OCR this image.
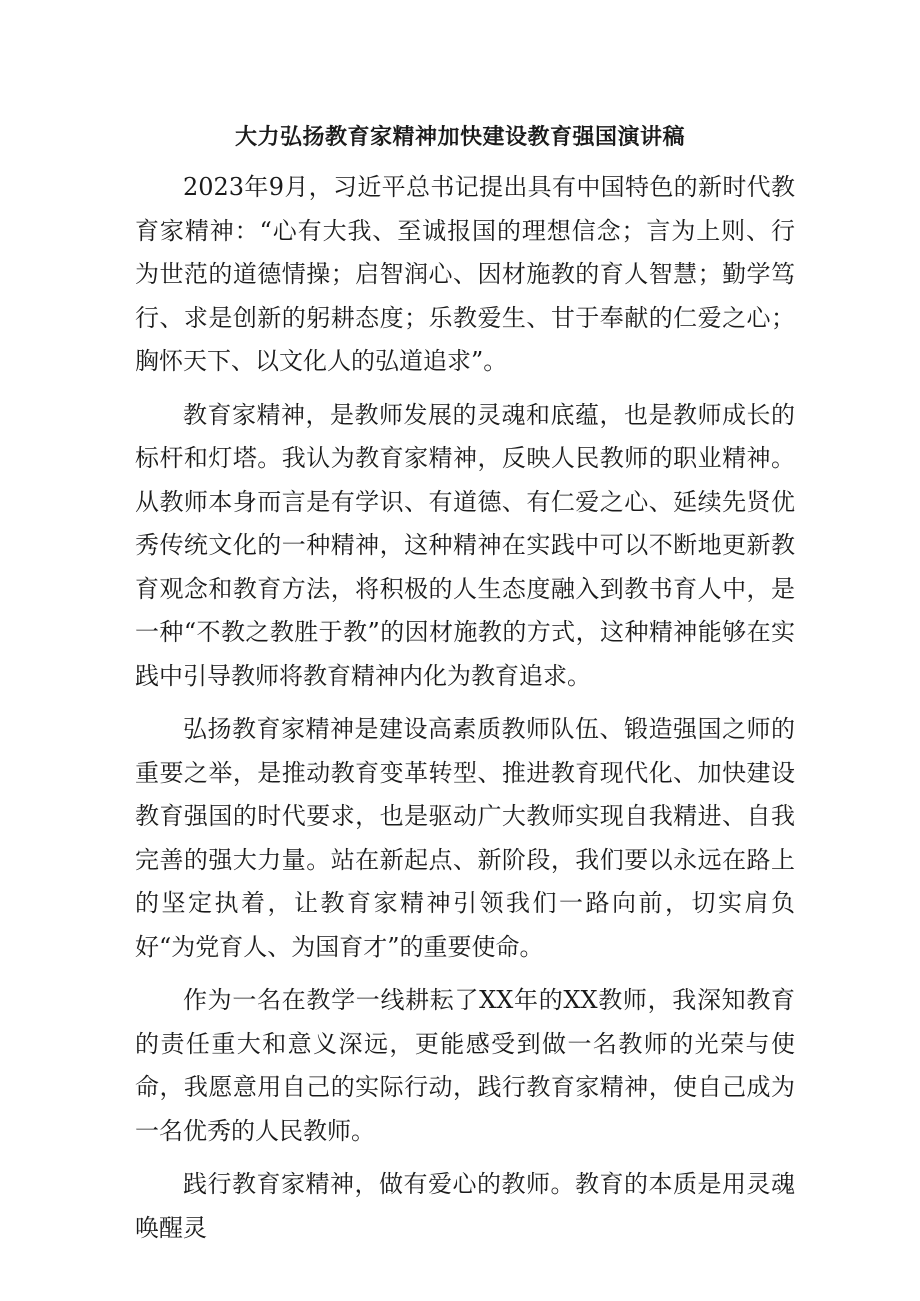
大力弘扬教育家精神加快建设教育强国演讲稿

2023年9月，习近平总书记提出具有中国特色的新时代教育家精神：“心有大我、至诚报国的理想信念；言为上则、行为世范的道德情操；启智润心、因材施教的育人智慧；勤学笃行、求是创新的躬耕态度；乐教爱生、甘于奉献的仁爱之心；胸怀天下、以文化人的弘道追求”。

教育家精神，是教师发展的灵魂和底蕴，也是教师成长的标杆和灯塔。我认为教育家精神，反映人民教师的职业精神。从教师本身而言是有学识、有道德、有仁爱之心、延续先贤优秀传统文化的一种精神，这种精神在实践中可以不断地更新教育观念和教育方法，将积极的人生态度融入到教书育人中，是一种“不教之教胜于教”的因材施教的方式，这种精神能够在实践中引导教师将教育精神内化为教育追求。

弘扬教育家精神是建设高素质教师队伍、锻造强国之师的重要之举，是推动教育变革转型、推进教育现代化、加快建设教育强国的时代要求，也是驱动广大教师实现自我精进、自我完善的强大力量。站在新起点、新阶段，我们要以永远在路上的坚定执着，让教育家精神引领我们一路向前，切实肩负好“为党育人、为国育才”的重要使命。

作为一名在教学一线耕耘了XX年的XX教师，我深知教育的责任重大和意义深远，更能感受到做一名教师的光荣与使命，我愿意用自己的实际行动，践行教育家精神，使自己成为一名优秀的人民教师。

践行教育家精神，做有爱心的教师。教育的本质是用灵魂唤醒灵
